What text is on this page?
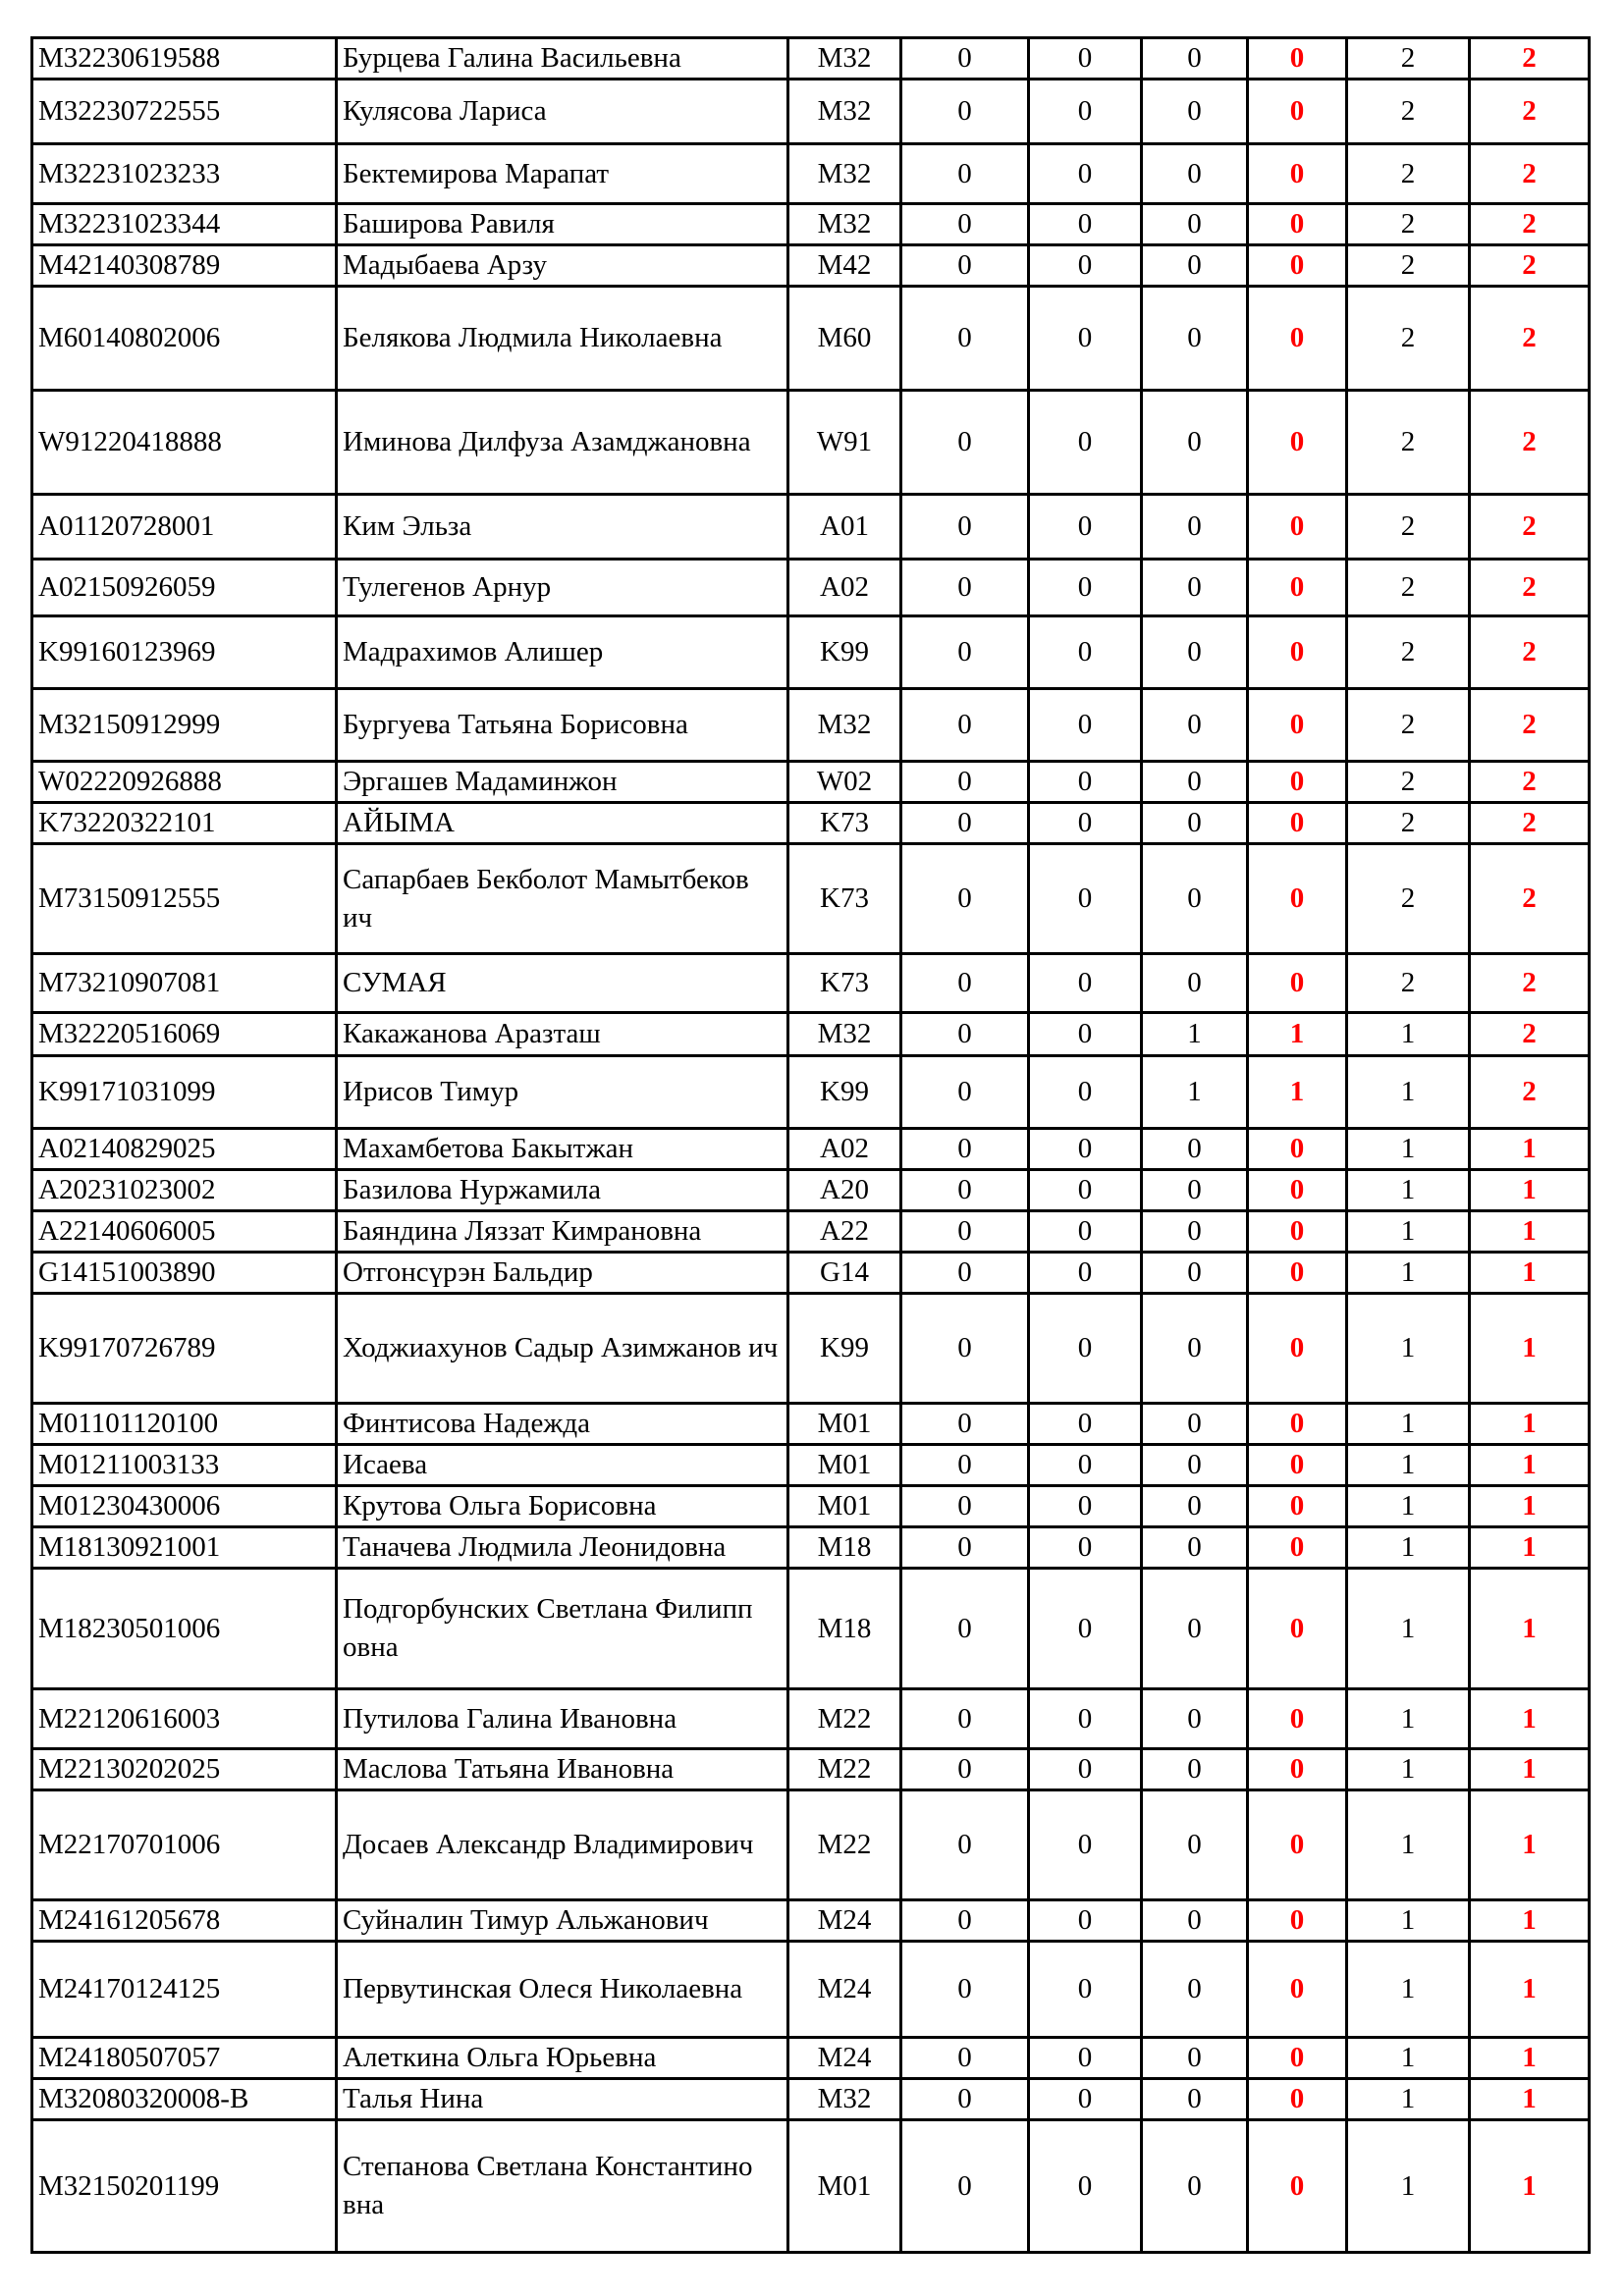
M32230619588	Бурцева Галина Васильевна	M32	0	0	0	0	2	2
M32230722555	Кулясова Лариса	M32	0	0	0	0	2	2
M32231023233	Бектемирова Марапат	M32	0	0	0	0	2	2
M32231023344	Баширова Равиля	M32	0	0	0	0	2	2
M42140308789	Мадыбаева Арзу	M42	0	0	0	0	2	2
M60140802006	Белякова Людмила Николаевна	M60	0	0	0	0	2	2
W91220418888	Иминова Дилфуза Азамджановна	W91	0	0	0	0	2	2
A01120728001	Ким Эльза	A01	0	0	0	0	2	2
A02150926059	Тулегенов Арнур	A02	0	0	0	0	2	2
K99160123969	Мадрахимов Алишер	K99	0	0	0	0	2	2
M32150912999	Бургуева Татьяна Борисовна	M32	0	0	0	0	2	2
W02220926888	Эргашев Мадаминжон	W02	0	0	0	0	2	2
K73220322101	АЙЫМА	K73	0	0	0	0	2	2
M73150912555	Сапарбаев Бекболот Мамытбеков ич	K73	0	0	0	0	2	2
M73210907081	СУМАЯ	K73	0	0	0	0	2	2
M32220516069	Какажанова Аразташ	M32	0	0	1	1	1	2
K99171031099	Ирисов Тимур	K99	0	0	1	1	1	2
A02140829025	Махамбетова Бакытжан	A02	0	0	0	0	1	1
A20231023002	Базилова Нуржамила	A20	0	0	0	0	1	1
A22140606005	Баяндина Ляззат Кимрановна	A22	0	0	0	0	1	1
G14151003890	Отгонсүрэн Бальдир	G14	0	0	0	0	1	1
K99170726789	Ходжиахунов Садыр Азимжанов ич	K99	0	0	0	0	1	1
M01101120100	Финтисова Надежда	M01	0	0	0	0	1	1
M01211003133	Исаева	M01	0	0	0	0	1	1
M01230430006	Крутова Ольга Борисовна	M01	0	0	0	0	1	1
M18130921001	Таначева Людмила Леонидовна	M18	0	0	0	0	1	1
M18230501006	Подгорбунских Светлана Филипп овна	M18	0	0	0	0	1	1
M22120616003	Путилова Галина Ивановна	M22	0	0	0	0	1	1
M22130202025	Маслова Татьяна Ивановна	M22	0	0	0	0	1	1
M22170701006	Досаев Александр Владимирович	M22	0	0	0	0	1	1
M24161205678	Суйналин Тимур Альжанович	M24	0	0	0	0	1	1
M24170124125	Первутинская Олеся Николаевна	M24	0	0	0	0	1	1
M24180507057	Алеткина Ольга Юрьевна	M24	0	0	0	0	1	1
M32080320008-B	Талья Нина	M32	0	0	0	0	1	1
M32150201199	Степанова Светлана Константино вна	M01	0	0	0	0	1	1
